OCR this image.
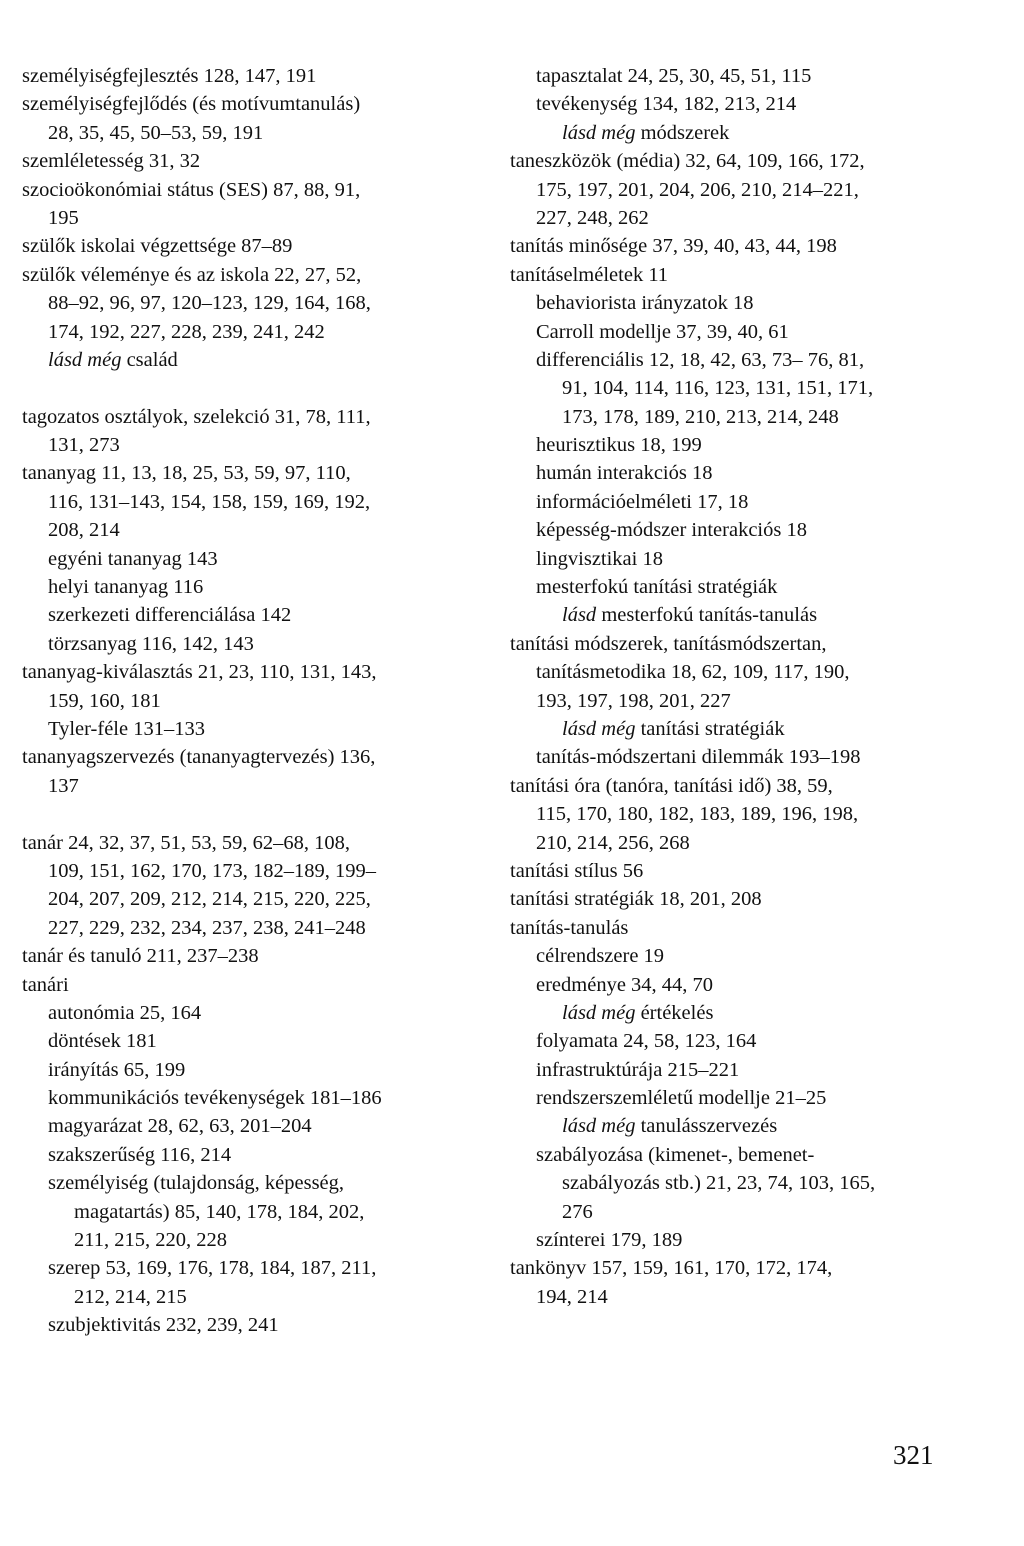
személyiségfejlesztés 128, 147, 191
személyiségfejlődés (és motívumtanulás)
28, 35, 45, 50–53, 59, 191
szemléletesség 31, 32
szocioökonómiai státus (SES) 87, 88, 91,
195
szülők iskolai végzettsége 87–89
szülők véleménye és az iskola 22, 27, 52,
88–92, 96, 97, 120–123, 129, 164, 168,
174, 192, 227, 228, 239, 241, 242
lásd még család
tagozatos osztályok, szelekció 31, 78, 111,
131, 273
tananyag 11, 13, 18, 25, 53, 59, 97, 110,
116, 131–143, 154, 158, 159, 169, 192,
208, 214
egyéni tananyag 143
helyi tananyag 116
szerkezeti differenciálása 142
törzsanyag 116, 142, 143
tananyag-kiválasztás 21, 23, 110, 131, 143,
159, 160, 181
Tyler-féle 131–133
tananyagszervezés (tananyagtervezés) 136,
137
tanár 24, 32, 37, 51, 53, 59, 62–68, 108,
109, 151, 162, 170, 173, 182–189, 199–
204, 207, 209, 212, 214, 215, 220, 225,
227, 229, 232, 234, 237, 238, 241–248
tanár és tanuló 211, 237–238
tanári
autonómia 25, 164
döntések 181
irányítás 65, 199
kommunikációs tevékenységek 181–186
magyarázat 28, 62, 63, 201–204
szakszerűség 116, 214
személyiség (tulajdonság, képesség,
magatartás) 85, 140, 178, 184, 202,
211, 215, 220, 228
szerep 53, 169, 176, 178, 184, 187, 211,
212, 214, 215
szubjektivitás 232, 239, 241
tapasztalat 24, 25, 30, 45, 51, 115
tevékenység 134, 182, 213, 214
lásd még módszerek
taneszközök (média) 32, 64, 109, 166, 172,
175, 197, 201, 204, 206, 210, 214–221,
227, 248, 262
tanítás minősége 37, 39, 40, 43, 44, 198
tanításelméletek 11
behaviorista irányzatok 18
Carroll modellje 37, 39, 40, 61
differenciális 12, 18, 42, 63, 73– 76, 81,
91, 104, 114, 116, 123, 131, 151, 171,
173, 178, 189, 210, 213, 214, 248
heurisztikus 18, 199
humán interakciós 18
információelméleti 17, 18
képesség-módszer interakciós 18
lingvisztikai 18
mesterfokú tanítási stratégiák
lásd mesterfokú tanítás-tanulás
tanítási módszerek, tanításmódszertan,
tanításmetodika 18, 62, 109, 117, 190,
193, 197, 198, 201, 227
lásd még tanítási stratégiák
tanítás-módszertani dilemmák 193–198
tanítási óra (tanóra, tanítási idő) 38, 59,
115, 170, 180, 182, 183, 189, 196, 198,
210, 214, 256, 268
tanítási stílus 56
tanítási stratégiák 18, 201, 208
tanítás-tanulás
célrendszere 19
eredménye 34, 44, 70
lásd még értékelés
folyamata 24, 58, 123, 164
infrastruktúrája 215–221
rendszerszemléletű modellje 21–25
lásd még tanulásszervezés
szabályozása (kimenet-, bemenet-
szabályozás stb.) 21, 23, 74, 103, 165,
276
színterei 179, 189
tankönyv 157, 159, 161, 170, 172, 174,
194, 214
321
